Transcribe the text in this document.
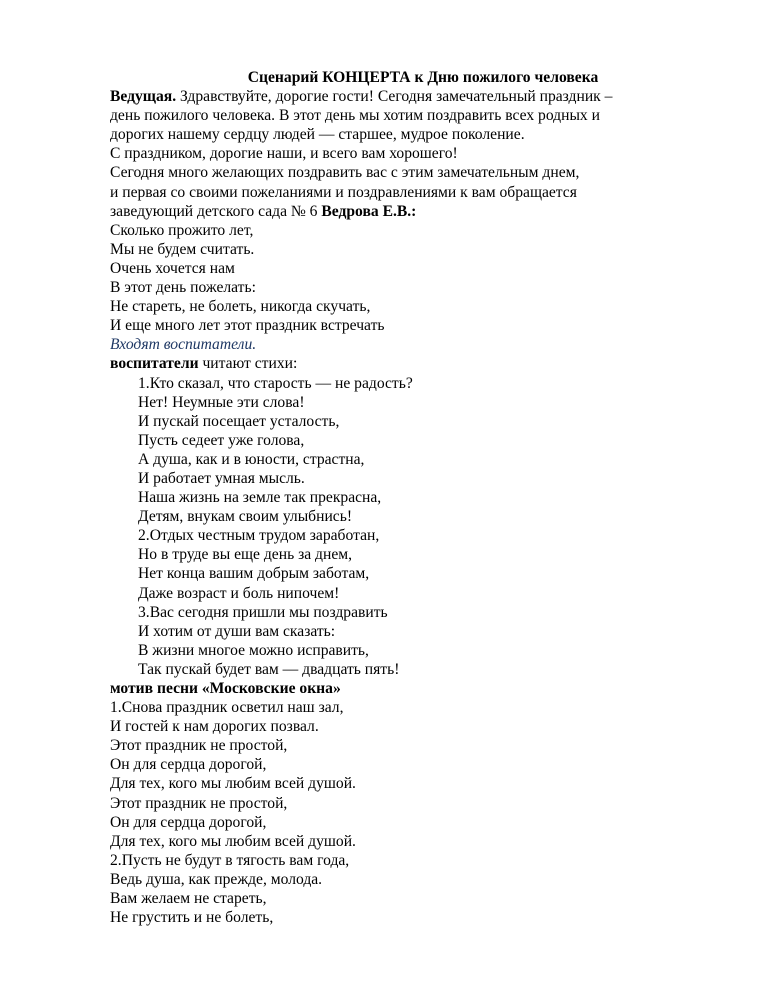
Сценарий КОНЦЕРТА к Дню пожилого человека
Ведущая. Здравствуйте, дорогие гости! Сегодня замечательный праздник –
день пожилого человека. В этот день мы хотим поздравить всех родных и
дорогих нашему сердцу людей — старшее, мудрое поколение.
С праздником, дорогие наши, и всего вам хорошего!
Сегодня много желающих поздравить вас с этим замечательным днем,
и первая со своими пожеланиями и поздравлениями к вам обращается
заведующий детского сада № 6 Ведрова Е.В.:
Сколько прожито лет,
Мы не будем считать.
Очень хочется нам
В этот день пожелать:
Не стареть, не болеть, никогда скучать,
И еще много лет этот праздник встречать
Входят воспитатели.
воспитатели читают стихи:
1.Кто сказал, что старость — не радость?
Нет! Неумные эти слова!
И пускай посещает усталость,
Пусть седеет уже голова,
А душа, как и в юности, страстна,
И работает умная мысль.
Наша жизнь на земле так прекрасна,
Детям, внукам своим улыбнись!
2.Отдых честным трудом заработан,
Но в труде вы еще день за днем,
Нет конца вашим добрым заботам,
Даже возраст и боль нипочем!
3.Вас сегодня пришли мы поздравить
И хотим от души вам сказать:
В жизни многое можно исправить,
Так пускай будет вам — двадцать пять!
мотив песни «Московские окна»
1.Снова праздник осветил наш зал,
И гостей к нам дорогих позвал.
Этот праздник не простой,
Он для сердца дорогой,
Для тех, кого мы любим всей душой.
Этот праздник не простой,
Он для сердца дорогой,
Для тех, кого мы любим всей душой.
2.Пусть не будут в тягость вам года,
Ведь душа, как прежде, молода.
Вам желаем не стареть,
Не грустить и не болеть,
